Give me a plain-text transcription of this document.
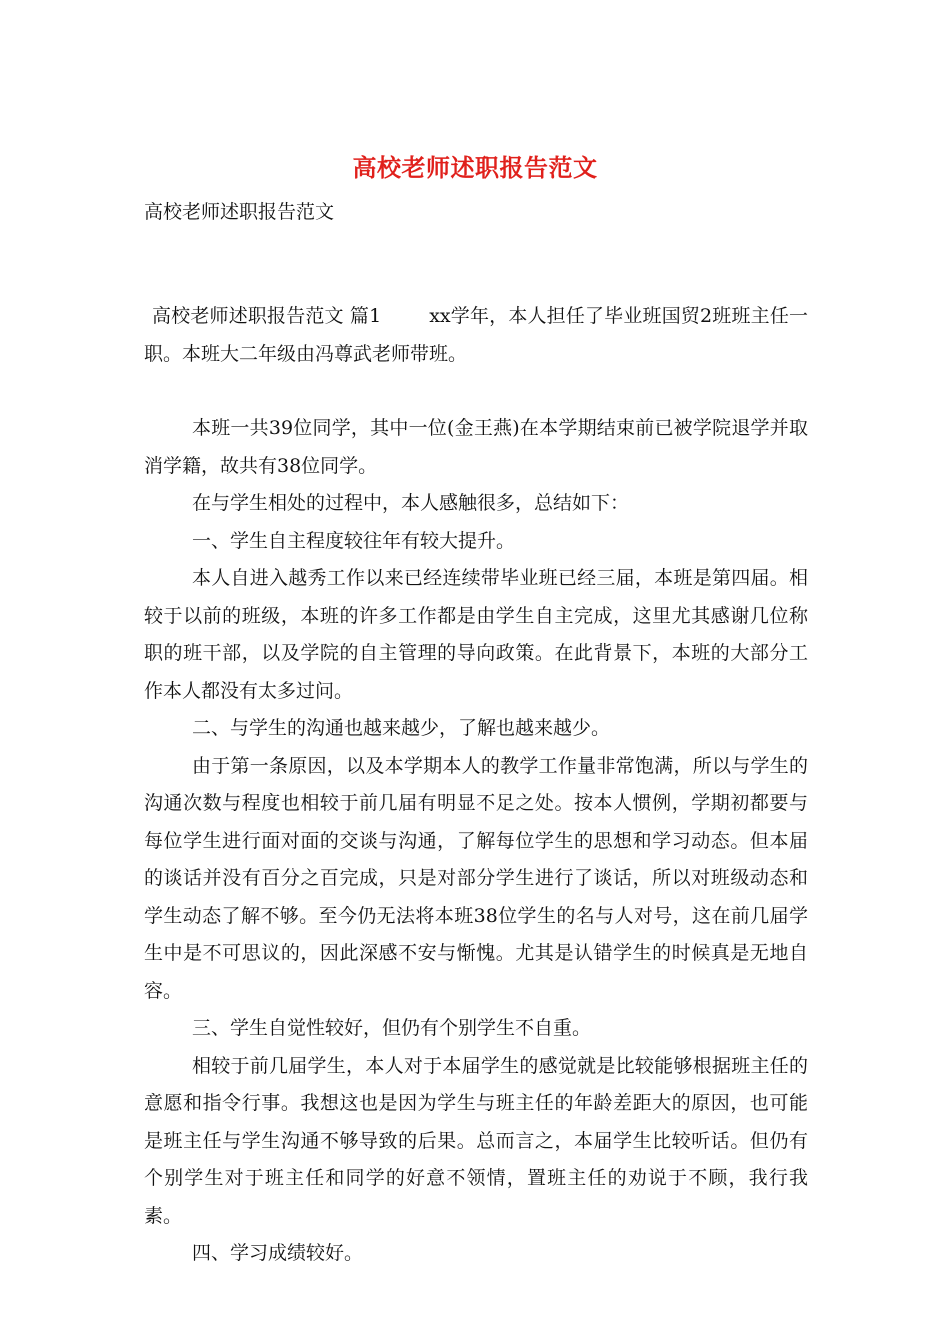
高校老师述职报告范文
高校老师述职报告范文

高校老师述职报告范文 篇1	xx学年，本人担任了毕业班国贸2班班主任一职。本班大二年级由冯尊武老师带班。

本班一共39位同学，其中一位(金王燕)在本学期结束前已被学院退学并取消学籍，故共有38位同学。

在与学生相处的过程中，本人感触很多，总结如下：

一、学生自主程度较往年有较大提升。

本人自进入越秀工作以来已经连续带毕业班已经三届，本班是第四届。相较于以前的班级，本班的许多工作都是由学生自主完成，这里尤其感谢几位称职的班干部，以及学院的自主管理的导向政策。在此背景下，本班的大部分工作本人都没有太多过问。

二、与学生的沟通也越来越少，了解也越来越少。

由于第一条原因，以及本学期本人的教学工作量非常饱满，所以与学生的沟通次数与程度也相较于前几届有明显不足之处。按本人惯例，学期初都要与每位学生进行面对面的交谈与沟通，了解每位学生的思想和学习动态。但本届的谈话并没有百分之百完成，只是对部分学生进行了谈话，所以对班级动态和学生动态了解不够。至今仍无法将本班38位学生的名与人对号，这在前几届学生中是不可思议的，因此深感不安与惭愧。尤其是认错学生的时候真是无地自容。

三、学生自觉性较好，但仍有个别学生不自重。

相较于前几届学生，本人对于本届学生的感觉就是比较能够根据班主任的意愿和指令行事。我想这也是因为学生与班主任的年龄差距大的原因，也可能是班主任与学生沟通不够导致的后果。总而言之，本届学生比较听话。但仍有个别学生对于班主任和同学的好意不领情，置班主任的劝说于不顾，我行我素。

四、学习成绩较好。
